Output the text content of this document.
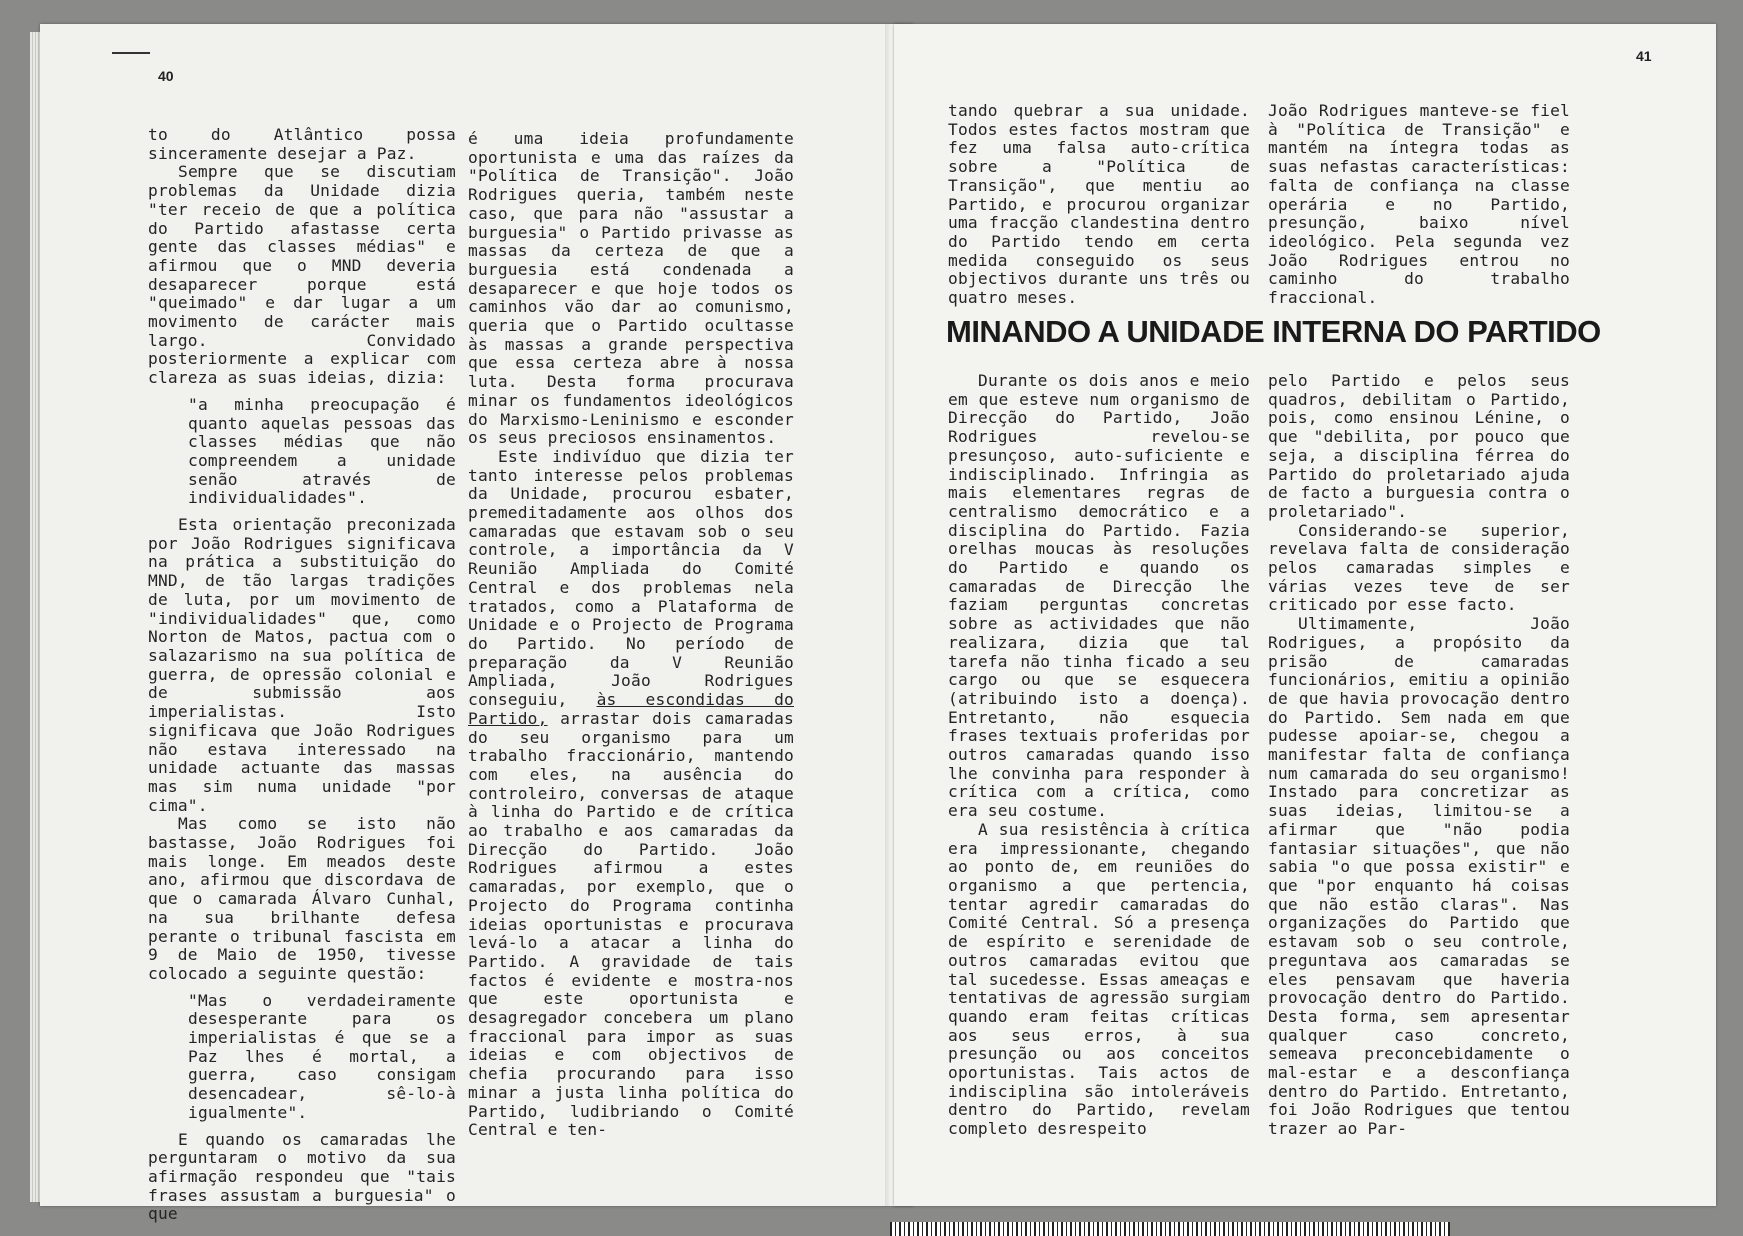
40

to do Atlântico possa sinceramente desejar a Paz.

Sempre que se discutiam problemas da Unidade dizia "ter receio de que a política do Partido afastasse certa gente das classes médias" e afirmou que o MND deveria desaparecer porque está "queimado" e dar lugar a um movimento de carácter mais largo. Convidado posteriormente a explicar com clareza as suas ideias, dizia:

"a minha preocupação é quanto aquelas pessoas das classes médias que não compreendem a unidade senão através de individualidades".

Esta orientação preconizada por João Rodrigues significava na prática a substituição do MND, de tão largas tradições de luta, por um movimento de "individualidades" que, como Norton de Matos, pactua com o salazarismo na sua política de guerra, de opressão colonial e de submissão aos imperialistas. Isto significava que João Rodrigues não estava interessado na unidade actuante das massas mas sim numa unidade "por cima".

Mas como se isto não bastasse, João Rodrigues foi mais longe. Em meados deste ano, afirmou que discordava de que o camarada Álvaro Cunhal, na sua brilhante defesa perante o tribunal fascista em 9 de Maio de 1950, tivesse colocado a seguinte questão:

"Mas o verdadeiramente desesperante para os imperialistas é que se a Paz lhes é mortal, a guerra, caso consigam desencadear, sê-lo-à igualmente".

E quando os camaradas lhe perguntaram o motivo da sua afirmação respondeu que "tais frases assustam a burguesia" o que

é uma ideia profundamente oportunista e uma das raízes da "Política de Transição". João Rodrigues queria, também neste caso, que para não "assustar a burguesia" o Partido privasse as massas da certeza de que a burguesia está condenada a desaparecer e que hoje todos os caminhos vão dar ao comunismo, queria que o Partido ocultasse às massas a grande perspectiva que essa certeza abre à nossa luta. Desta forma procurava minar os fundamentos ideológicos do Marxismo-Leninismo e esconder os seus preciosos ensinamentos.

Este indivíduo que dizia ter tanto interesse pelos problemas da Unidade, procurou esbater, premeditadamente aos olhos dos camaradas que estavam sob o seu controle, a importância da V Reunião Ampliada do Comité Central e dos problemas nela tratados, como a Plataforma de Unidade e o Projecto de Programa do Partido. No período de preparação da V Reunião Ampliada, João Rodrigues conseguiu, às escondidas do Partido, arrastar dois camaradas do seu organismo para um trabalho fraccionário, mantendo com eles, na ausência do controleiro, conversas de ataque à linha do Partido e de crítica ao trabalho e aos camaradas da Direcção do Partido. João Rodrigues afirmou a estes camaradas, por exemplo, que o Projecto do Programa continha ideias oportunistas e procurava levá-lo a atacar a linha do Partido. A gravidade de tais factos é evidente e mostra-nos que este oportunista e desagregador concebera um plano fraccional para impor as suas ideias e com objectivos de chefia procurando para isso minar a justa linha política do Partido, ludibriando o Comité Central e ten-

41

tando quebrar a sua unidade. Todos estes factos mostram que fez uma falsa auto-crítica sobre a "Política de Transição", que mentiu ao Partido, e procurou organizar uma fracção clandestina dentro do Partido tendo em certa medida conseguido os seus objectivos durante uns três ou quatro meses.

João Rodrigues manteve-se fiel à "Política de Transição" e mantém na íntegra todas as suas nefastas características: falta de confiança na classe operária e no Partido, presunção, baixo nível ideológico. Pela segunda vez João Rodrigues entrou no caminho do trabalho fraccional.

MINANDO A UNIDADE INTERNA DO PARTIDO

Durante os dois anos e meio em que esteve num organismo de Direcção do Partido, João Rodrigues revelou-se presunçoso, auto-suficiente e indisciplinado. Infringia as mais elementares regras de centralismo democrático e a disciplina do Partido. Fazia orelhas moucas às resoluções do Partido e quando os camaradas de Direcção lhe faziam perguntas concretas sobre as actividades que não realizara, dizia que tal tarefa não tinha ficado a seu cargo ou que se esquecera (atribuindo isto a doença). Entretanto, não esquecia frases textuais proferidas por outros camaradas quando isso lhe convinha para responder à crítica com a crítica, como era seu costume.

A sua resistência à crítica era impressionante, chegando ao ponto de, em reuniões do organismo a que pertencia, tentar agredir camaradas do Comité Central. Só a presença de espírito e serenidade de outros camaradas evitou que tal sucedesse. Essas ameaças e tentativas de agressão surgiam quando eram feitas críticas aos seus erros, à sua presunção ou aos conceitos oportunistas. Tais actos de indisciplina são intoleráveis dentro do Partido, revelam completo desrespeito

pelo Partido e pelos seus quadros, debilitam o Partido, pois, como ensinou Lénine, o que "debilita, por pouco que seja, a disciplina férrea do Partido do proletariado ajuda de facto a burguesia contra o proletariado".

Considerando-se superior, revelava falta de consideração pelos camaradas simples e várias vezes teve de ser criticado por esse facto.

Ultimamente, João Rodrigues, a propósito da prisão de camaradas funcionários, emitiu a opinião de que havia provocação dentro do Partido. Sem nada em que pudesse apoiar-se, chegou a manifestar falta de confiança num camarada do seu organismo! Instado para concretizar as suas ideias, limitou-se a afirmar que "não podia fantasiar situações", que não sabia "o que possa existir" e que "por enquanto há coisas que não estão claras". Nas organizações do Partido que estavam sob o seu controle, preguntava aos camaradas se eles pensavam que haveria provocação dentro do Partido. Desta forma, sem apresentar qualquer caso concreto, semeava preconcebidamente o mal-estar e a desconfiança dentro do Partido. Entretanto, foi João Rodrigues que tentou trazer ao Par-
